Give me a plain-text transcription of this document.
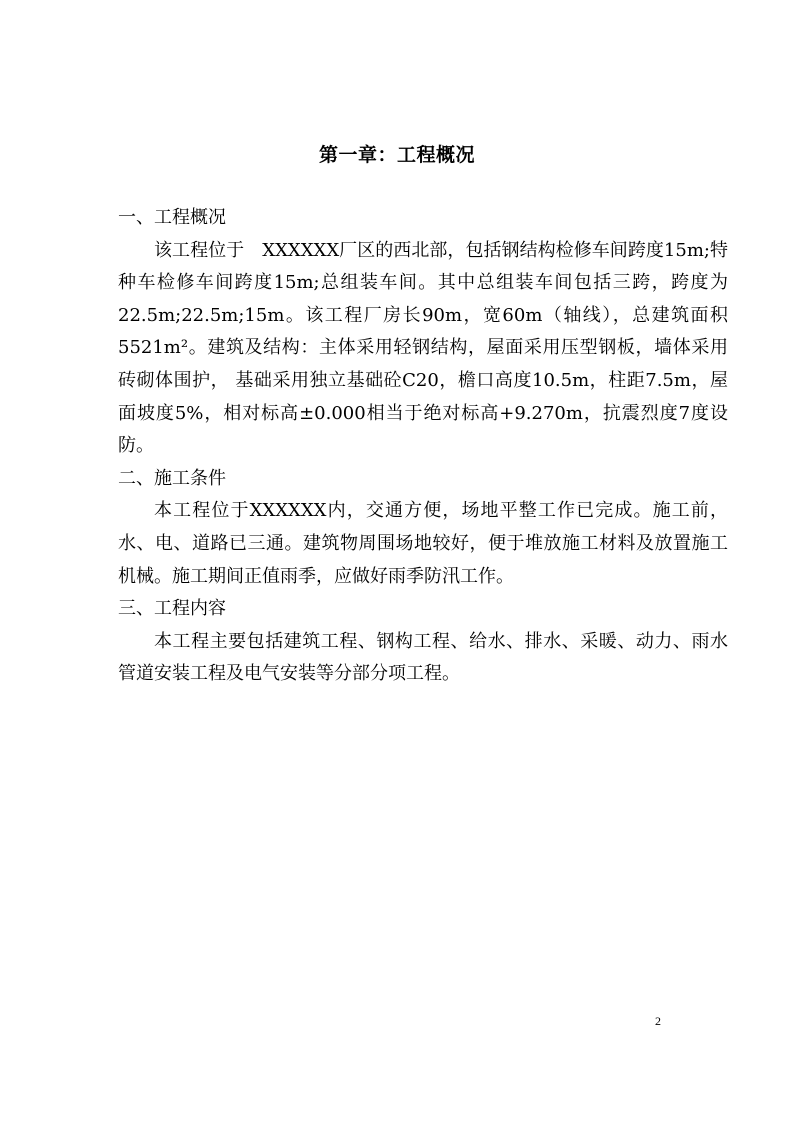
第一章：工程概况

一、工程概况

该工程位于　XXXXXX厂区的西北部，包括钢结构检修车间跨度15m;特种车检修车间跨度15m;总组装车间。其中总组装车间包括三跨，跨度为22.5m;22.5m;15m。该工程厂房长90m，宽60m（轴线），总建筑面积5521m²。建筑及结构：主体采用轻钢结构，屋面采用压型钢板，墙体采用砖砌体围护， 基础采用独立基础砼C20，檐口高度10.5m，柱距7.5m，屋面坡度5%，相对标高±0.000相当于绝对标高+9.270m，抗震烈度7度设防。

二、施工条件

本工程位于XXXXXX内，交通方便，场地平整工作已完成。施工前，水、电、道路已三通。建筑物周围场地较好，便于堆放施工材料及放置施工机械。施工期间正值雨季，应做好雨季防汛工作。

三、工程内容

本工程主要包括建筑工程、钢构工程、给水、排水、采暖、动力、雨水管道安装工程及电气安装等分部分项工程。

2
